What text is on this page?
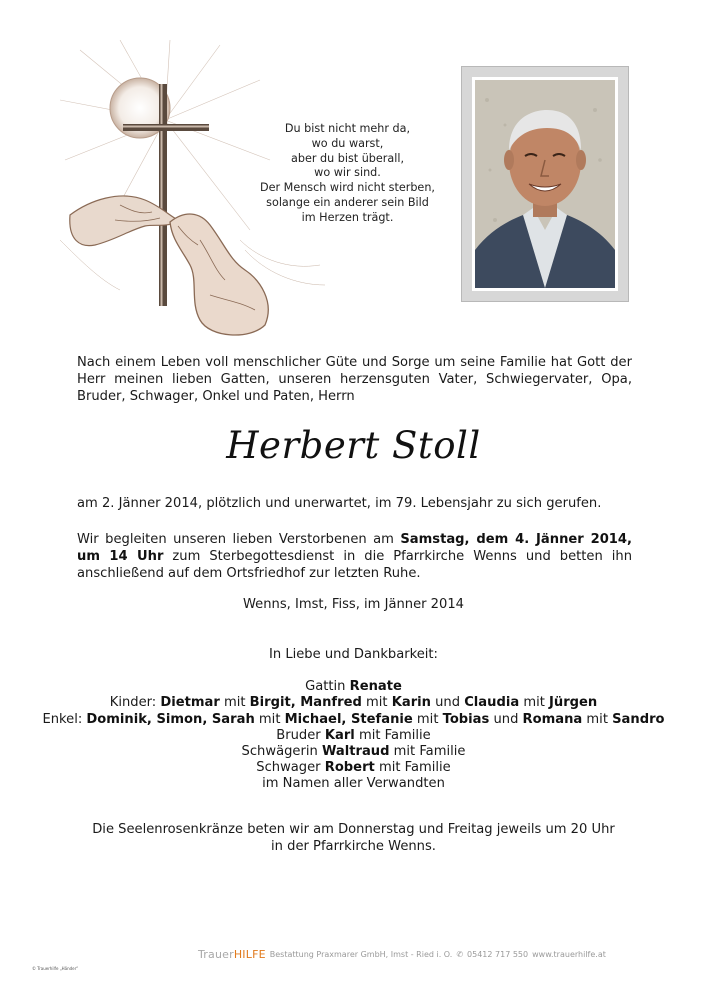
Du bist nicht mehr da,
wo du warst,
aber du bist überall,
wo wir sind.
Der Mensch wird nicht sterben,
solange ein anderer sein Bild
im Herzen trägt.
Nach einem Leben voll menschlicher Güte und Sorge um seine Familie hat Gott der Herr meinen lieben Gatten, unseren herzensguten Vater, Schwiegervater, Opa, Bruder, Schwager, Onkel und Paten, Herrn
Herbert Stoll
am 2. Jänner 2014, plötzlich und unerwartet, im 79. Lebensjahr zu sich gerufen.
Wir begleiten unseren lieben Verstorbenen am Samstag, dem 4. Jänner 2014, um 14 Uhr zum Sterbegottesdienst in die Pfarrkirche Wenns und betten ihn anschließend auf dem Ortsfriedhof zur letzten Ruhe.
Wenns, Imst, Fiss, im Jänner 2014
In Liebe und Dankbarkeit:
Gattin Renate
Kinder: Dietmar mit Birgit, Manfred mit Karin und Claudia mit Jürgen
Enkel: Dominik, Simon, Sarah mit Michael, Stefanie mit Tobias und Romana mit Sandro
Bruder Karl mit Familie
Schwägerin Waltraud mit Familie
Schwager Robert mit Familie
im Namen aller Verwandten
Die Seelenrosenkränze beten wir am Donnerstag und Freitag jeweils um 20 Uhr
in der Pfarrkirche Wenns.
TrauerHILFE Bestattung Praxmarer GmbH, Imst - Ried i. O. ✆ 05412 717 550 www.trauerhilfe.at
© Trauerhilfe „Händer“
